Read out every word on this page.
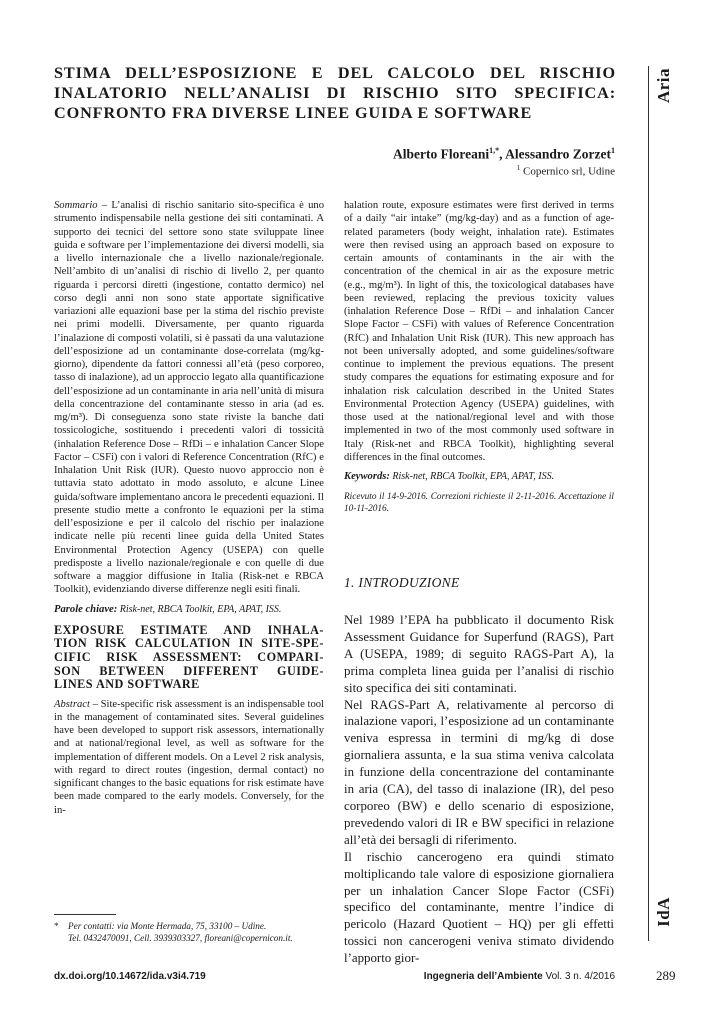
STIMA DELL’ESPOSIZIONE E DEL CALCOLO DEL RISCHIO
INALATORIO NELL’ANALISI DI RISCHIO SITO SPECIFICA:
CONFRONTO FRA DIVERSE LINEE GUIDA E SOFTWARE
Alberto Floreani$^{1,*}$, Alessandro Zorzet$^1$
$^1$ Copernico srl, Udine

Sommario – L’analisi di rischio sanitario sito-specifica è uno strumento indispensabile nella gestione dei siti contaminati. A supporto dei tecnici del settore sono state sviluppate linee guida e software per l’implementazione dei diversi modelli, sia a livello internazionale che a livello nazionale/regionale. Nell’ambito di un’analisi di rischio di livello 2, per quanto riguarda i percorsi diretti (ingestione, contatto dermico) nel corso degli anni non sono state apportate significative variazioni alle equazioni base per la stima del rischio previste nei primi modelli. Diversamente, per quanto riguarda l’inalazione di composti volatili, si è passati da una valutazione dell’esposizione ad un contaminante dose-correlata (mg/kg-giorno), dipendente da fattori connessi all’età (peso corporeo, tasso di inalazione), ad un approccio legato alla quantificazione dell’esposizione ad un contaminante in aria nell’unità di misura della concentrazione del contaminante stesso in aria (ad es. mg/m³). Di conseguenza sono state riviste la banche dati tossicologiche, sostituendo i precedenti valori di tossicità (inhalation Reference Dose – RfDi – e inhalation Cancer Slope Factor – CSFi) con i valori di Reference Concentration (RfC) e Inhalation Unit Risk (IUR). Questo nuovo approccio non è tuttavia stato adottato in modo assoluto, e alcune Linee guida/software implementano ancora le precedenti equazioni. Il presente studio mette a confronto le equazioni per la stima dell’esposizione e per il calcolo del rischio per inalazione indicate nelle più recenti linee guida della United States Environmental Protection Agency (USEPA) con quelle predisposte a livello nazionale/regionale e con quelle di due software a maggior diffusione in Italia (Risk-net e RBCA Toolkit), evidenziando diverse differenze negli esiti finali.

Parole chiave: Risk-net, RBCA Toolkit, EPA, APAT, ISS.

EXPOSURE ESTIMATE AND INHALA-
TION RISK CALCULATION IN SITE-SPE-
CIFIC RISK ASSESSMENT: COMPARI-
SON BETWEEN DIFFERENT GUIDE-
LINES AND SOFTWARE

Abstract – Site-specific risk assessment is an indispensable tool in the management of contaminated sites. Several guidelines have been developed to support risk assessors, internationally and at national/regional level, as well as software for the implementation of different models. On a Level 2 risk analysis, with regard to direct routes (ingestion, dermal contact) no significant changes to the basic equations for risk estimate have been made compared to the early models. Conversely, for the in-

halation route, exposure estimates were first derived in terms of a daily “air intake” (mg/kg-day) and as a function of age-related parameters (body weight, inhalation rate). Estimates were then revised using an approach based on exposure to certain amounts of contaminants in the air with the concentration of the chemical in air as the exposure metric (e.g., mg/m³). In light of this, the toxicological databases have been reviewed, replacing the previous toxicity values (inhalation Reference Dose – RfDi – and inhalation Cancer Slope Factor – CSFi) with values of Reference Concentration (RfC) and Inhalation Unit Risk (IUR). This new approach has not been universally adopted, and some guidelines/software continue to implement the previous equations. The present study compares the equations for estimating exposure and for inhalation risk calculation described in the United States Environmental Protection Agency (USEPA) guidelines, with those used at the national/regional level and with those implemented in two of the most commonly used software in Italy (Risk-net and RBCA Toolkit), highlighting several differences in the final outcomes.

Keywords: Risk-net, RBCA Toolkit, EPA, APAT, ISS.

Ricevuto il 14-9-2016. Correzioni richieste il 2-11-2016. Accettazione il 10-11-2016.

1. INTRODUZIONE

Nel 1989 l’EPA ha pubblicato il documento Risk Assessment Guidance for Superfund (RAGS), Part A (USEPA, 1989; di seguito RAGS-Part A), la prima completa linea guida per l’analisi di rischio sito specifica dei siti contaminati.

Nel RAGS-Part A, relativamente al percorso di inalazione vapori, l’esposizione ad un contaminante veniva espressa in termini di mg/kg di dose giornaliera assunta, e la sua stima veniva calcolata in funzione della concentrazione del contaminante in aria (CA), del tasso di inalazione (IR), del peso corporeo (BW) e dello scenario di esposizione, prevedendo valori di IR e BW specifici in relazione all’età dei bersagli di riferimento.

Il rischio cancerogeno era quindi stimato moltiplicando tale valore di esposizione giornaliera per un inhalation Cancer Slope Factor (CSFi) specifico del contaminante, mentre l’indice di pericolo (Hazard Quotient – HQ) per gli effetti tossici non cancerogeni veniva stimato dividendo l’apporto gior-

* Per contatti: via Monte Hermada, 75, 33100 – Udine.
Tel. 0432470091, Cell. 3939303327, floreani@copernicon.it.
dx.doi.org/10.14672/ida.v3i4.719	Ingegneria dell’Ambiente Vol. 3 n. 4/2016	289
Aria
IdA
